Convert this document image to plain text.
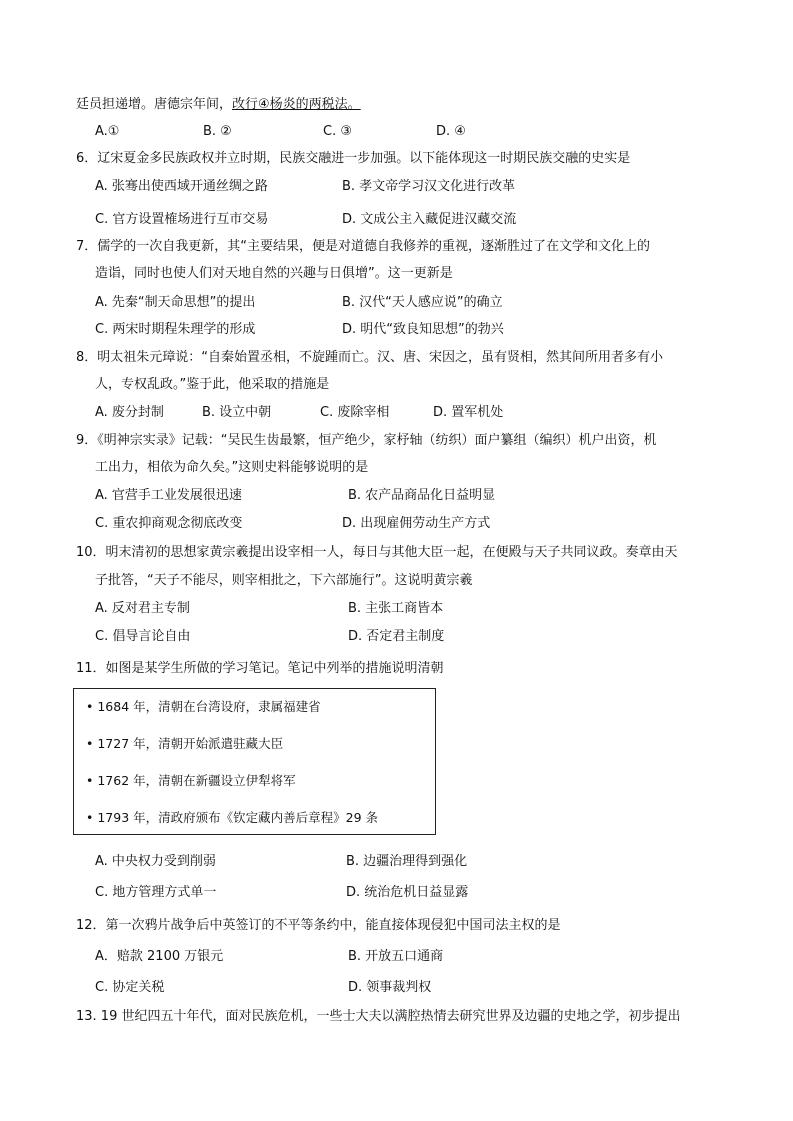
廷员担递增。唐德宗年间，改行④杨炎的两税法。
A.①	B. ②	C. ③	D. ④
6．辽宋夏金多民族政权并立时期，民族交融进一步加强。以下能体现这一时期民族交融的史实是
A. 张骞出使西域开通丝绸之路	B. 孝文帝学习汉文化进行改革
C. 官方设置榷场进行互市交易	D. 文成公主入藏促进汉藏交流
7．儒学的一次自我更新，其“主要结果，便是对道德自我修养的重视，逐渐胜过了在文学和文化上的
造诣，同时也使人们对天地自然的兴趣与日俱增”。这一更新是
A. 先秦“制天命思想”的提出	B. 汉代“天人感应说”的确立
C. 两宋时期程朱理学的形成	D. 明代“致良知思想”的勃兴
8．明太祖朱元璋说：“自秦始置丞相，不旋踵而亡。汉、唐、宋因之，虽有贤相，然其间所用者多有小
人，专权乱政。”鉴于此，他采取的措施是
A. 废分封制	B. 设立中朝	C. 废除宰相	D. 置军机处
9．《明神宗实录》记载：“吴民生齿最繁，恒产绝少，家杼轴（纺织）面户纂组（编织）机户出资，机
工出力，相依为命久矣。”这则史料能够说明的是
A. 官营手工业发展很迅速	B. 农产品商品化日益明显
C. 重农抑商观念彻底改变	D. 出现雇佣劳动生产方式
10．明末清初的思想家黄宗羲提出设宰相一人，每日与其他大臣一起，在便殿与天子共同议政。奏章由天
子批答，“天子不能尽，则宰相批之，下六部施行”。这说明黄宗羲
A. 反对君主专制	B. 主张工商皆本
C. 倡导言论自由	D. 否定君主制度
11．如图是某学生所做的学习笔记。笔记中列举的措施说明清朝
• 1684 年，清朝在台湾设府，隶属福建省
• 1727 年，清朝开始派遣驻藏大臣
• 1762 年，清朝在新疆设立伊犁将军
• 1793 年，清政府颁布《钦定藏内善后章程》29 条
A. 中央权力受到削弱	B. 边疆治理得到强化
C. 地方管理方式单一	D. 统治危机日益显露
12．第一次鸦片战争后中英签订的不平等条约中，能直接体现侵犯中国司法主权的是
A．赔款 2100 万银元	B. 开放五口通商
C. 协定关税	D. 领事裁判权
13. 19 世纪四五十年代，面对民族危机，一些士大夫以满腔热情去研究世界及边疆的史地之学，初步提出
